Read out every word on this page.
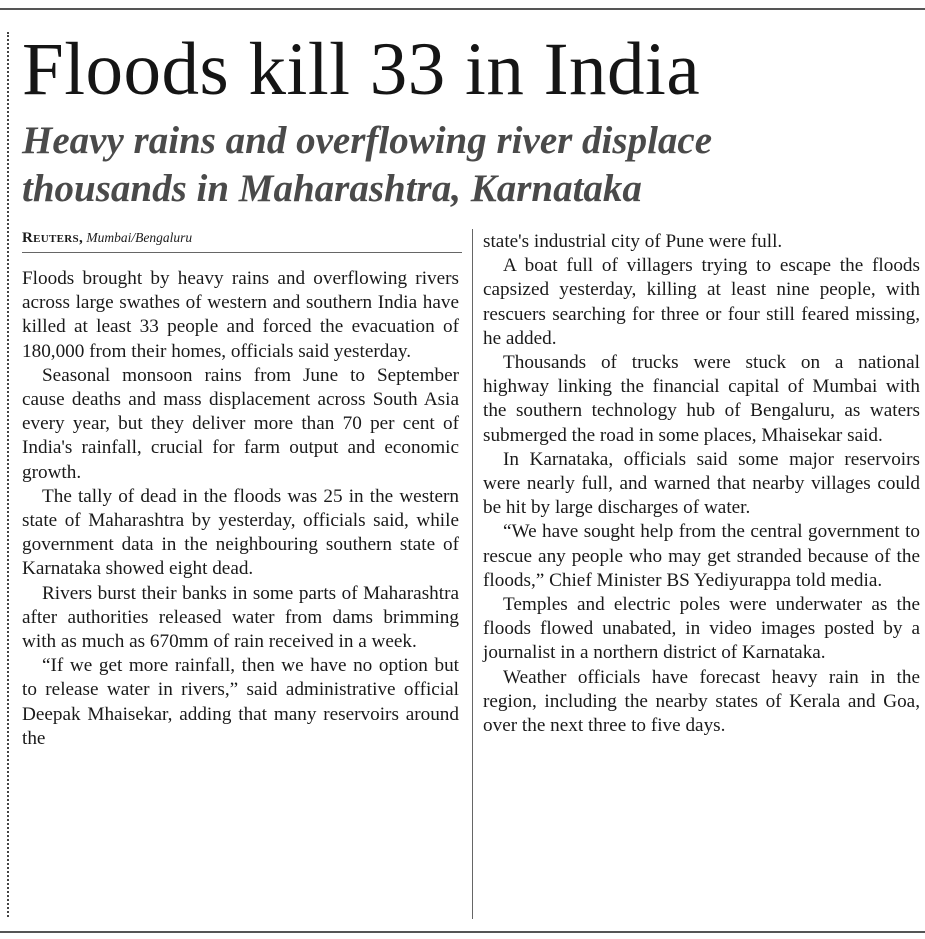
Floods kill 33 in India
Heavy rains and overflowing river displace
thousands in Maharashtra, Karnataka
Reuters, Mumbai/Bengaluru

Floods brought by heavy rains and overflowing rivers across large swathes of western and southern India have killed at least 33 people and forced the evacuation of 180,000 from their homes, officials said yesterday.

Seasonal monsoon rains from June to September cause deaths and mass displacement across South Asia every year, but they deliver more than 70 per cent of India's rainfall, crucial for farm output and economic growth.

The tally of dead in the floods was 25 in the western state of Maharashtra by yesterday, officials said, while government data in the neighbouring southern state of Karnataka showed eight dead.

Rivers burst their banks in some parts of Maharashtra after authorities released water from dams brimming with as much as 670mm of rain received in a week.

“If we get more rainfall, then we have no option but to release water in rivers,” said administrative official Deepak Mhaisekar, adding that many reservoirs around the

state's industrial city of Pune were full.

A boat full of villagers trying to escape the floods capsized yesterday, killing at least nine people, with rescuers searching for three or four still feared missing, he added.

Thousands of trucks were stuck on a national highway linking the financial capital of Mumbai with the southern technology hub of Bengaluru, as waters submerged the road in some places, Mhaisekar said.

In Karnataka, officials said some major reservoirs were nearly full, and warned that nearby villages could be hit by large discharges of water.

“We have sought help from the central government to rescue any people who may get stranded because of the floods,” Chief Minister BS Yediyurappa told media.

Temples and electric poles were underwater as the floods flowed unabated, in video images posted by a journalist in a northern district of Karnataka.

Weather officials have forecast heavy rain in the region, including the nearby states of Kerala and Goa, over the next three to five days.
